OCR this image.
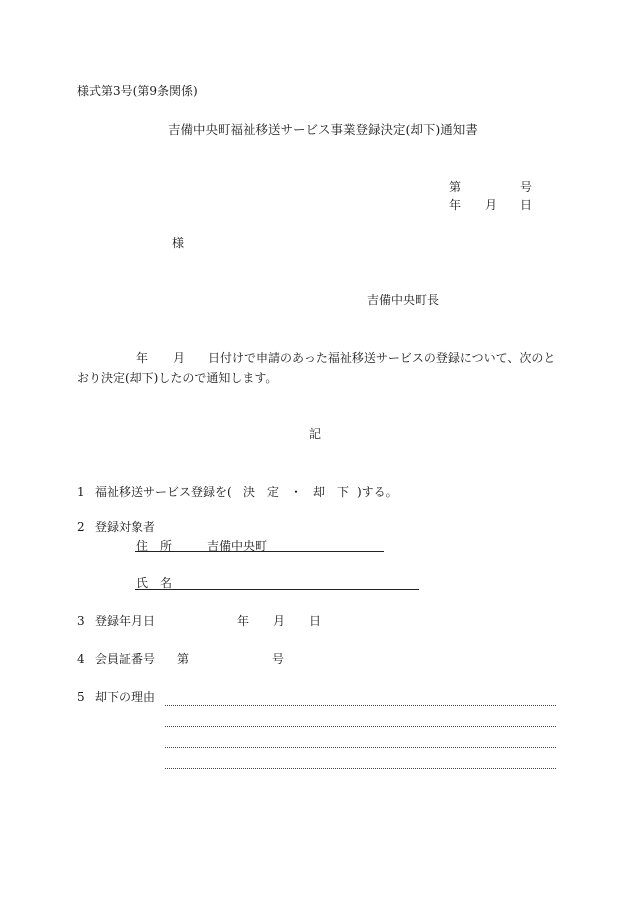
様式第3号(第9条関係)
吉備中央町福祉移送サービス事業登録決定(却下)通知書
第	号
年 月 日
様
吉備中央町長
年 月 日付けで申請のあった福祉移送サービスの登録について、次のと
おり決定(却下)したので通知します。
記
1 福祉移送サービス登録を( 決　定 ・ 却　下 )する。
2 登録対象者
住　所	吉備中央町
氏　名
3 登録年月日	年 月 日
4 会員証番号 第	号
5 却下の理由
